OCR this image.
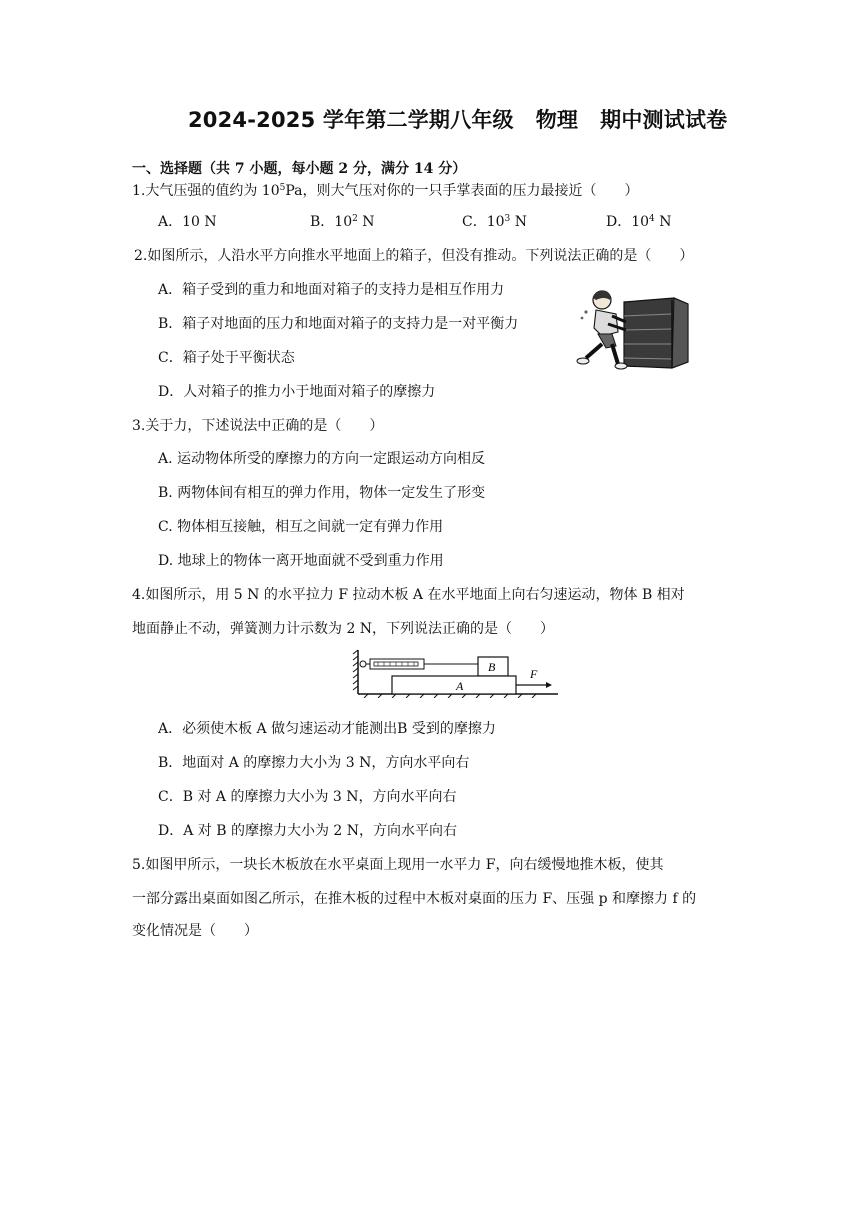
2024-2025 学年第二学期八年级 物理 期中测试试卷
一、选择题（共 7 小题，每小题 2 分，满分 14 分）
1.大气压强的值约为 $10^5Pa$，则大气压对你的一只手掌表面的压力最接近（　　）
A．10 N	B．$10^2$ N	C．$10^3$ N	D．$10^4$ N
2.如图所示，人沿水平方向推水平地面上的箱子，但没有推动。下列说法正确的是（　　）
A．箱子受到的重力和地面对箱子的支持力是相互作用力
B．箱子对地面的压力和地面对箱子的支持力是一对平衡力
C．箱子处于平衡状态
D．人对箱子的推力小于地面对箱子的摩擦力
3.关于力，下述说法中正确的是（　　）
A. 运动物体所受的摩擦力的方向一定跟运动方向相反
B. 两物体间有相互的弹力作用，物体一定发生了形变
C. 物体相互接触，相互之间就一定有弹力作用
D. 地球上的物体一离开地面就不受到重力作用
4.如图所示，用 5 N 的水平拉力 F 拉动木板 A 在水平地面上向右匀速运动，物体 B 相对
地面静止不动，弹簧测力计示数为 2 N，下列说法正确的是（　　）
B
A
F
A．必须使木板 A 做匀速运动才能测出B 受到的摩擦力
B．地面对 A 的摩擦力大小为 3 N，方向水平向右
C．B 对 A 的摩擦力大小为 3 N，方向水平向右
D．A 对 B 的摩擦力大小为 2 N，方向水平向右
5.如图甲所示，一块长木板放在水平桌面上现用一水平力 F，向右缓慢地推木板，使其
一部分露出桌面如图乙所示，在推木板的过程中木板对桌面的压力 F、压强 p 和摩擦力 f 的
变化情况是（　　）
